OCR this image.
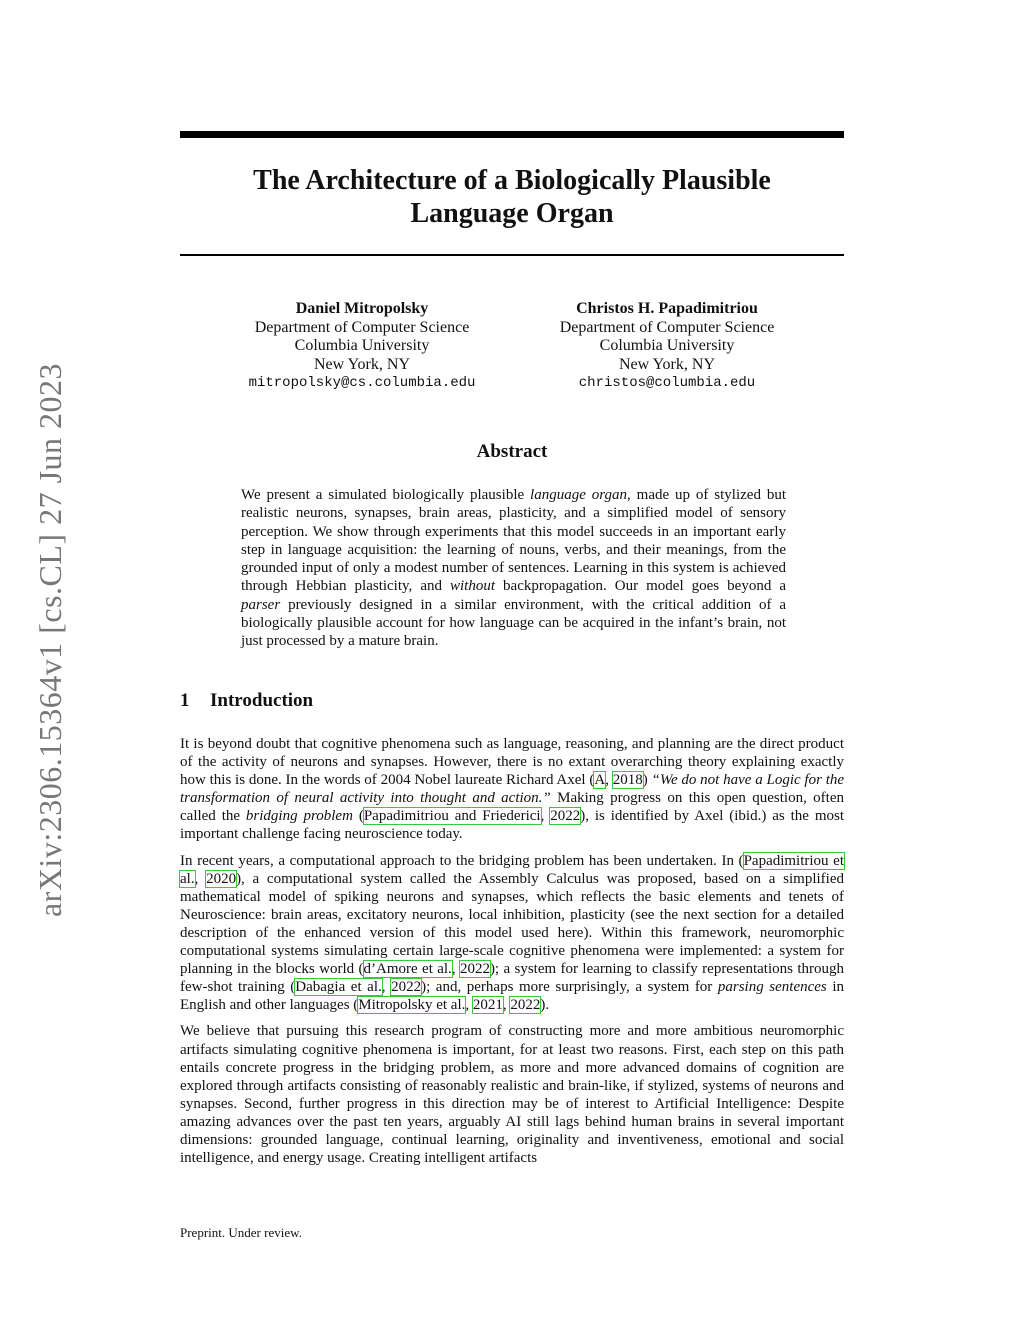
arXiv:2306.15364v1 [cs.CL] 27 Jun 2023
The Architecture of a Biologically Plausible
Language Organ
Daniel Mitropolsky
Department of Computer Science
Columbia University
New York, NY
mitropolsky@cs.columbia.edu
Christos H. Papadimitriou
Department of Computer Science
Columbia University
New York, NY
christos@columbia.edu
Abstract
We present a simulated biologically plausible language organ, made up of stylized but realistic neurons, synapses, brain areas, plasticity, and a simplified model of sensory perception. We show through experiments that this model succeeds in an important early step in language acquisition: the learning of nouns, verbs, and their meanings, from the grounded input of only a modest number of sentences. Learning in this system is achieved through Hebbian plasticity, and without backpropagation. Our model goes beyond a parser previously designed in a similar environment, with the critical addition of a biologically plausible account for how language can be acquired in the infant’s brain, not just processed by a mature brain.
1 Introduction

It is beyond doubt that cognitive phenomena such as language, reasoning, and planning are the direct product of the activity of neurons and synapses. However, there is no extant overarching theory explaining exactly how this is done. In the words of 2004 Nobel laureate Richard Axel (A, 2018) “We do not have a Logic for the transformation of neural activity into thought and action.” Making progress on this open question, often called the bridging problem (Papadimitriou and Friederici, 2022), is identified by Axel (ibid.) as the most important challenge facing neuroscience today.

In recent years, a computational approach to the bridging problem has been undertaken. In (Papadimitriou et al., 2020), a computational system called the Assembly Calculus was proposed, based on a simplified mathematical model of spiking neurons and synapses, which reflects the basic elements and tenets of Neuroscience: brain areas, excitatory neurons, local inhibition, plasticity (see the next section for a detailed description of the enhanced version of this model used here). Within this framework, neuromorphic computational systems simulating certain large-scale cognitive phenomena were implemented: a system for planning in the blocks world (d’Amore et al., 2022); a system for learning to classify representations through few-shot training (Dabagia et al., 2022); and, perhaps more surprisingly, a system for parsing sentences in English and other languages (Mitropolsky et al., 2021, 2022).

We believe that pursuing this research program of constructing more and more ambitious neuromorphic artifacts simulating cognitive phenomena is important, for at least two reasons. First, each step on this path entails concrete progress in the bridging problem, as more and more advanced domains of cognition are explored through artifacts consisting of reasonably realistic and brain-like, if stylized, systems of neurons and synapses. Second, further progress in this direction may be of interest to Artificial Intelligence: Despite amazing advances over the past ten years, arguably AI still lags behind human brains in several important dimensions: grounded language, continual learning, originality and inventiveness, emotional and social intelligence, and energy usage. Creating intelligent artifacts

Preprint. Under review.
